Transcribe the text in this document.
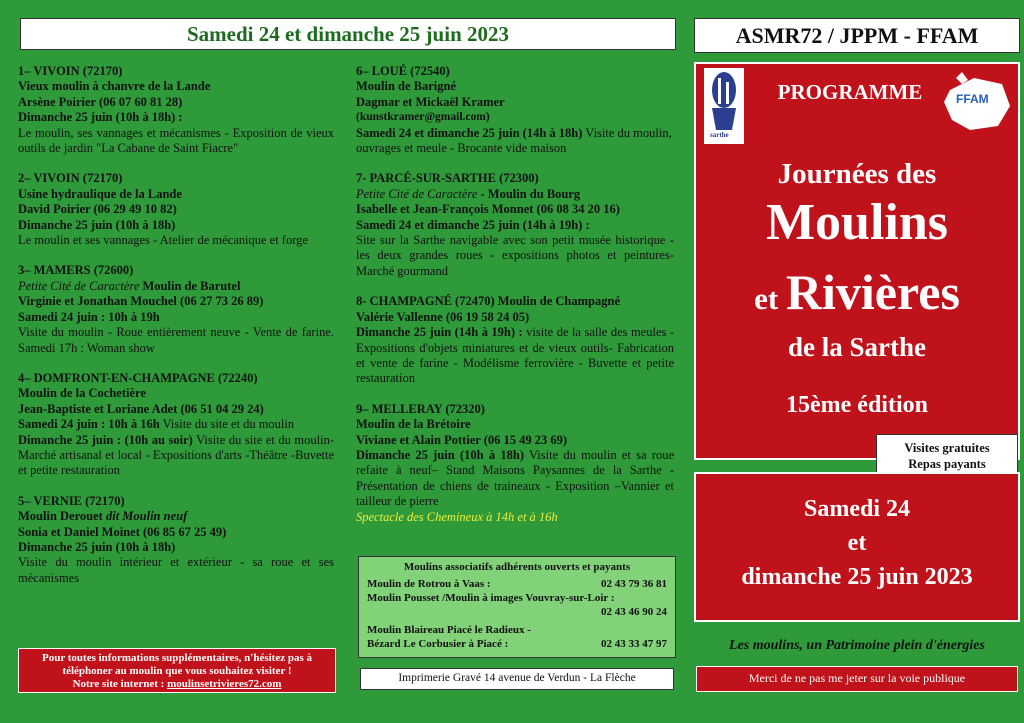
Samedi 24 et dimanche 25 juin 2023
1– VIVOIN (72170)
Vieux moulin à chanvre de la Lande
Arsène Poirier (06 07 60 81 28)
Dimanche 25 juin (10h à 18h) :
Le moulin, ses vannages et mécanismes - Exposition de vieux outils de jardin "La Cabane de Saint Fiacre"
2– VIVOIN (72170)
Usine hydraulique de la Lande
David Poirier (06 29 49 10 82)
Dimanche 25 juin (10h à 18h)
Le moulin et ses vannages - Atelier de mécanique et forge
3– MAMERS (72600)
Petite Cité de Caractère Moulin de Barutel
Virginie et Jonathan Mouchel (06 27 73 26 89)
Samedi 24 juin : 10h à 19h
Visite du moulin - Roue entièrement neuve - Vente de farine. Samedi 17h : Woman show
4– DOMFRONT-EN-CHAMPAGNE (72240)
Moulin de la Cochetière
Jean-Baptiste et Loriane Adet (06 51 04 29 24)
Samedi 24 juin : 10h à 16h Visite du site et du moulin
Dimanche 25 juin : (10h au soir) Visite du site et du moulin- Marché artisanal et local - Expositions d'arts -Théâtre -Buvette et petite restauration
5– VERNIE (72170)
Moulin Derouet dit Moulin neuf
Sonia et Daniel Moinet (06 85 67 25 49)
Dimanche 25 juin (10h à 18h)
Visite du moulin intérieur et extérieur - sa roue et ses mécanismes
Pour toutes informations supplémentaires, n'hésitez pas à
téléphoner au moulin que vous souhaitez visiter !
Notre site internet : moulinsetrivieres72.com
6– LOUÉ (72540)
Moulin de Barigné
Dagmar et Mickaël Kramer
(kunstkramer@gmail.com)
Samedi 24 et dimanche 25 juin (14h à 18h) Visite du moulin, ouvrages et meule - Brocante vide maison
7- PARCÉ-SUR-SARTHE (72300)
Petite Cité de Caractère - Moulin du Bourg
Isabelle et Jean-François Monnet (06 08 34 20 16)
Samedi 24 et dimanche 25 juin (14h à 19h) :
Site sur la Sarthe navigable avec son petit musée historique - les deux grandes roues - expositions photos et peintures- Marché gourmand
8- CHAMPAGNÉ (72470) Moulin de Champagné
Valérie Vallenne (06 19 58 24 05)
Dimanche 25 juin (14h à 19h) : visite de la salle des meules - Expositions d'objets miniatures et de vieux outils- Fabrication et vente de farine - Modélisme ferrovière - Buvette et petite restauration
9– MELLERAY (72320)
Moulin de la Brétoire
Viviane et Alain Pottier (06 15 49 23 69)
Dimanche 25 juin (10h à 18h) Visite du moulin et sa roue refaite à neuf– Stand Maisons Paysannes de la Sarthe - Présentation de chiens de traineaux - Exposition –Vannier et tailleur de pierre
Spectacle des Chemineux à 14h et à 16h
Moulins associatifs adhérents ouverts et payants
Moulin de Rotrou à Vaas :	02 43 79 36 81
Moulin Pousset /Moulin à images Vouvray-sur-Loir :
02 43 46 90 24
Moulin Blaireau Piacé le Radieux -
Bézard Le Corbusier à Piacé :	02 43 33 47 97
Imprimerie Gravé 14 avenue de Verdun - La Flèche
ASMR72 / JPPM - FFAM
sarthe
FFAM
PROGRAMME
Journées des
Moulins
et Rivières
de la Sarthe
15ème édition
Visites gratuites
Repas payants
Samedi 24
et
dimanche 25 juin 2023
Les moulins, un Patrimoine plein d'énergies
Merci de ne pas me jeter sur la voie publique
